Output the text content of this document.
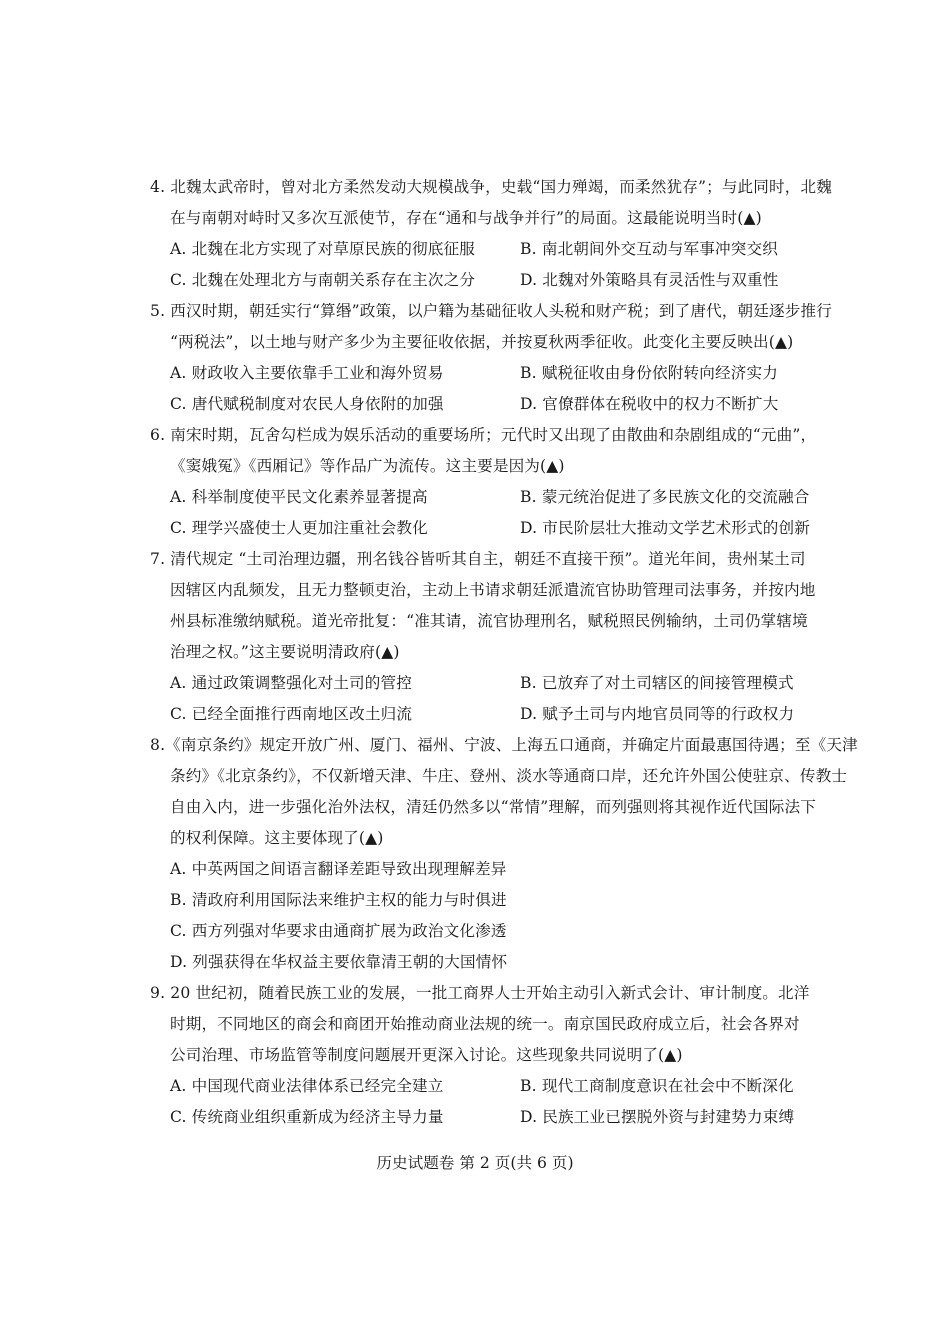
4. 北魏太武帝时，曾对北方柔然发动大规模战争，史载“国力殚竭，而柔然犹存”；与此同时，北魏
在与南朝对峙时又多次互派使节，存在“通和与战争并行”的局面。这最能说明当时(▲)
A. 北魏在北方实现了对草原民族的彻底征服	B. 南北朝间外交互动与军事冲突交织
C. 北魏在处理北方与南朝关系存在主次之分	D. 北魏对外策略具有灵活性与双重性
5. 西汉时期，朝廷实行“算缗”政策，以户籍为基础征收人头税和财产税；到了唐代，朝廷逐步推行
“两税法”，以土地与财产多少为主要征收依据，并按夏秋两季征收。此变化主要反映出(▲)
A. 财政收入主要依靠手工业和海外贸易	B. 赋税征收由身份依附转向经济实力
C. 唐代赋税制度对农民人身依附的加强	D. 官僚群体在税收中的权力不断扩大
6. 南宋时期，瓦舍勾栏成为娱乐活动的重要场所；元代时又出现了由散曲和杂剧组成的“元曲”，
《窦娥冤》《西厢记》等作品广为流传。这主要是因为(▲)
A. 科举制度使平民文化素养显著提高	B. 蒙元统治促进了多民族文化的交流融合
C. 理学兴盛使士人更加注重社会教化	D. 市民阶层壮大推动文学艺术形式的创新
7. 清代规定 “土司治理边疆，刑名钱谷皆听其自主，朝廷不直接干预”。道光年间，贵州某土司
因辖区内乱频发，且无力整顿吏治，主动上书请求朝廷派遣流官协助管理司法事务，并按内地
州县标准缴纳赋税。道光帝批复：“准其请，流官协理刑名，赋税照民例输纳，土司仍掌辖境
治理之权。”这主要说明清政府(▲)
A. 通过政策调整强化对土司的管控	B. 已放弃了对土司辖区的间接管理模式
C. 已经全面推行西南地区改土归流	D. 赋予土司与内地官员同等的行政权力
8.《南京条约》规定开放广州、厦门、福州、宁波、上海五口通商，并确定片面最惠国待遇；至《天津
条约》《北京条约》，不仅新增天津、牛庄、登州、淡水等通商口岸，还允许外国公使驻京、传教士
自由入内，进一步强化治外法权，清廷仍然多以“常情”理解，而列强则将其视作近代国际法下
的权利保障。这主要体现了(▲)
A. 中英两国之间语言翻译差距导致出现理解差异
B. 清政府利用国际法来维护主权的能力与时俱进
C. 西方列强对华要求由通商扩展为政治文化渗透
D. 列强获得在华权益主要依靠清王朝的大国情怀
9. 20 世纪初，随着民族工业的发展，一批工商界人士开始主动引入新式会计、审计制度。北洋
时期，不同地区的商会和商团开始推动商业法规的统一。南京国民政府成立后，社会各界对
公司治理、市场监管等制度问题展开更深入讨论。这些现象共同说明了(▲)
A. 中国现代商业法律体系已经完全建立	B. 现代工商制度意识在社会中不断深化
C. 传统商业组织重新成为经济主导力量	D. 民族工业已摆脱外资与封建势力束缚
历史试题卷 第 2 页(共 6 页)
